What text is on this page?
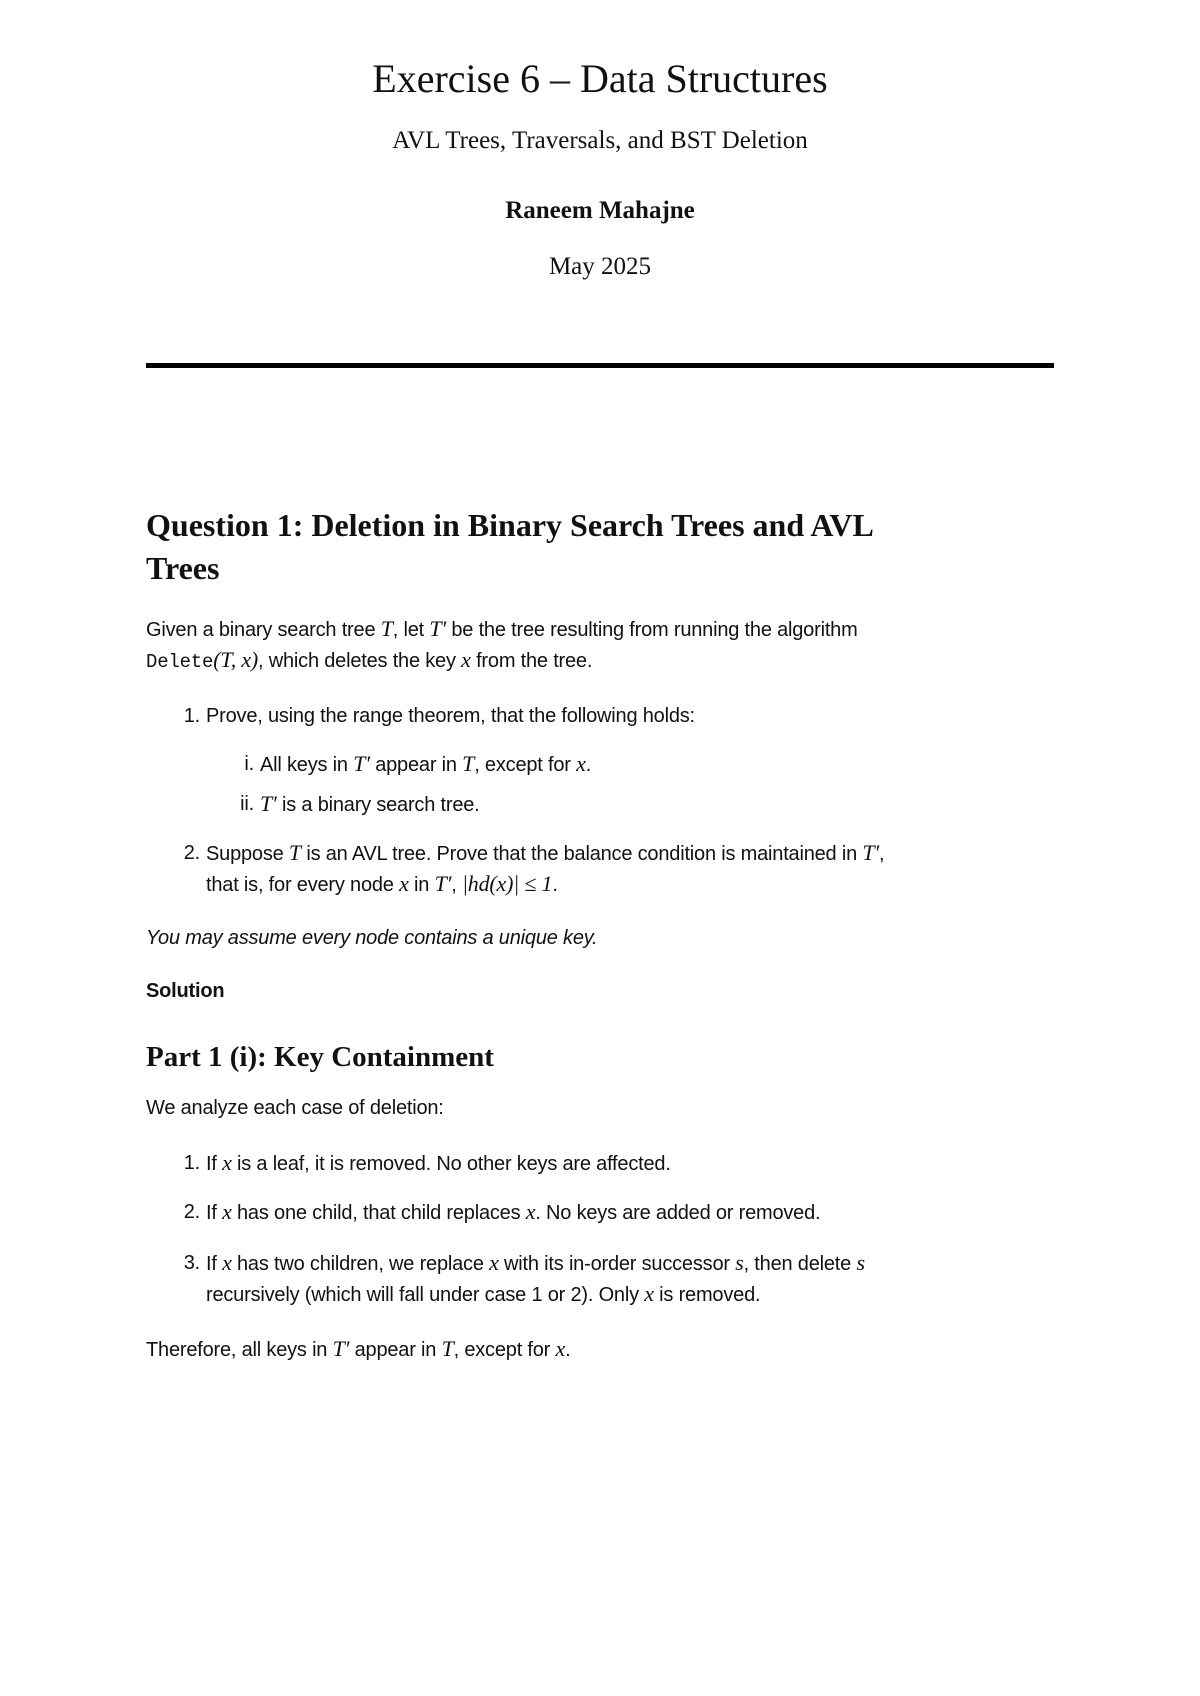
Exercise 6 – Data Structures
AVL Trees, Traversals, and BST Deletion
Raneem Mahajne
May 2025
Question 1: Deletion in Binary Search Trees and AVL
Trees
Given a binary search tree T, let T′ be the tree resulting from running the algorithm
Delete(T, x), which deletes the key x from the tree.
1. Prove, using the range theorem, that the following holds:
i. All keys in T′ appear in T, except for x.
ii. T′ is a binary search tree.
2. Suppose T is an AVL tree. Prove that the balance condition is maintained in T′,
that is, for every node x in T′, |hd(x)| ≤ 1.
You may assume every node contains a unique key.
Solution
Part 1 (i): Key Containment
We analyze each case of deletion:
1. If x is a leaf, it is removed. No other keys are affected.
2. If x has one child, that child replaces x. No keys are added or removed.
3. If x has two children, we replace x with its in-order successor s, then delete s
recursively (which will fall under case 1 or 2). Only x is removed.
Therefore, all keys in T′ appear in T, except for x.
